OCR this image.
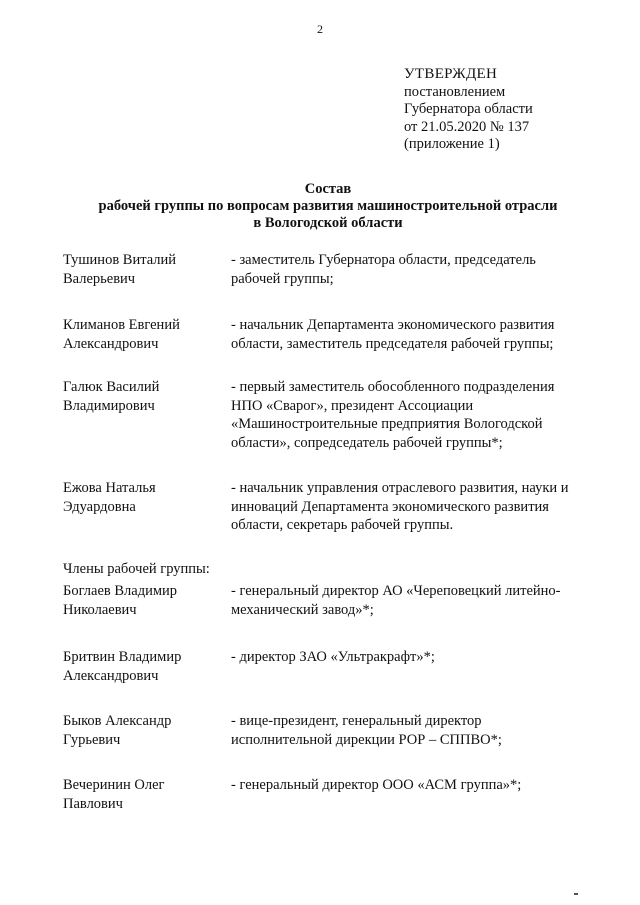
2
УТВЕРЖДЕН
постановлением
Губернатора области
от 21.05.2020 № 137
(приложение 1)
Состав
рабочей группы по вопросам развития машиностроительной отрасли
в Вологодской области
Тушинов Виталий
Валерьевич
- заместитель Губернатора области, председатель
рабочей группы;
Климанов Евгений
Александрович
- начальник Департамента экономического развития
области, заместитель председателя рабочей группы;
Галюк Василий
Владимирович
- первый заместитель обособленного подразделения
НПО «Сварог», президент Ассоциации
«Машиностроительные предприятия Вологодской
области», сопредседатель рабочей группы*;
Ежова Наталья
Эдуардовна
- начальник управления отраслевого развития, науки и
инноваций Департамента экономического развития
области, секретарь рабочей группы.
Члены рабочей группы:
Боглаев Владимир
Николаевич
- генеральный директор АО «Череповецкий литейно-
механический завод»*;
Бритвин Владимир
Александрович
- директор ЗАО «Ультракрафт»*;
Быков Александр
Гурьевич
- вице-президент, генеральный директор
исполнительной дирекции РОР – СППВО*;
Вечеринин Олег
Павлович
- генеральный директор ООО «АСМ группа»*;
